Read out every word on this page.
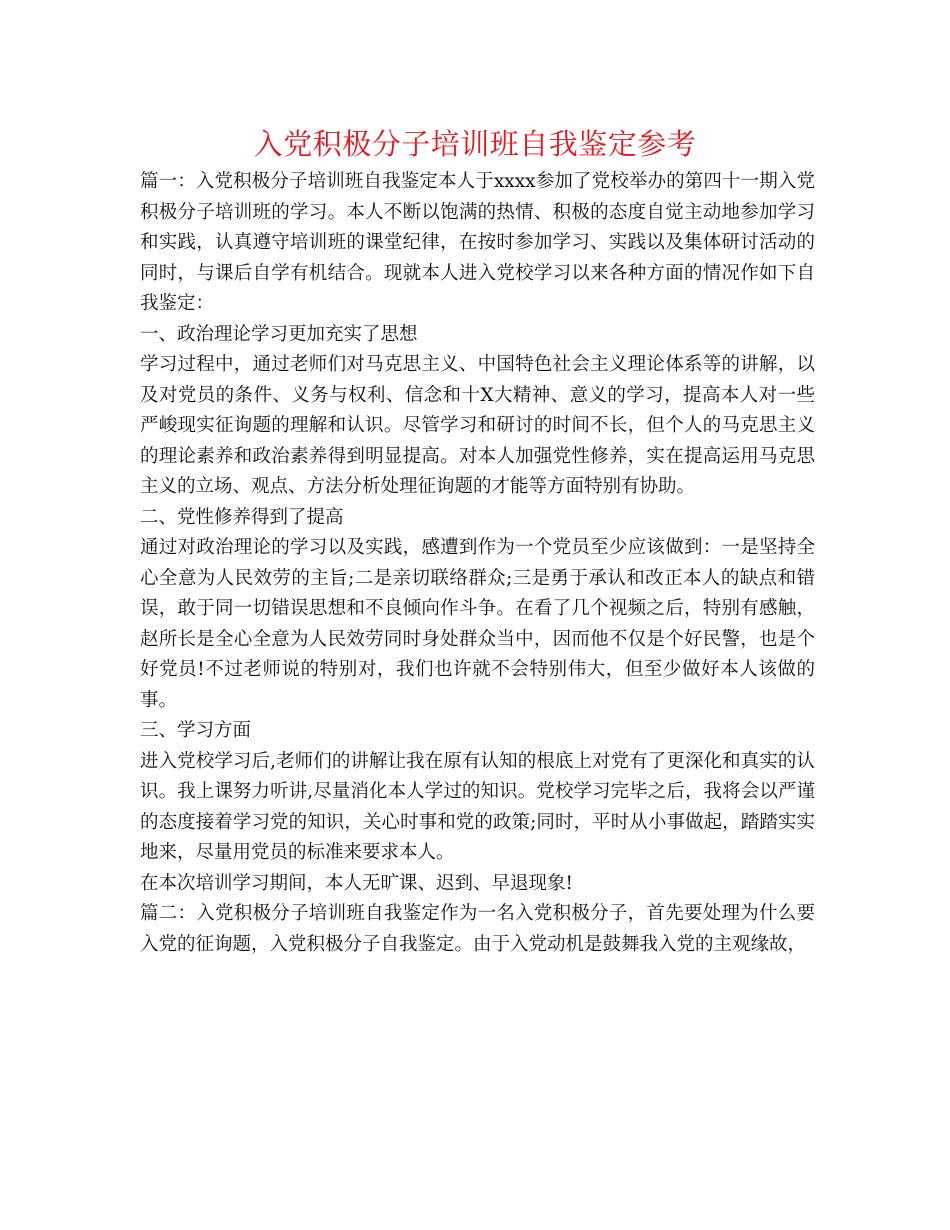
入党积极分子培训班自我鉴定参考

篇一：入党积极分子培训班自我鉴定本人于xxxx参加了党校举办的第四十一期入党积极分子培训班的学习。本人不断以饱满的热情、积极的态度自觉主动地参加学习和实践，认真遵守培训班的课堂纪律，在按时参加学习、实践以及集体研讨活动的同时，与课后自学有机结合。现就本人进入党校学习以来各种方面的情况作如下自我鉴定：

一、政治理论学习更加充实了思想

学习过程中，通过老师们对马克思主义、中国特色社会主义理论体系等的讲解，以及对党员的条件、义务与权利、信念和十X大精神、意义的学习，提高本人对一些严峻现实征询题的理解和认识。尽管学习和研讨的时间不长，但个人的马克思主义的理论素养和政治素养得到明显提高。对本人加强党性修养，实在提高运用马克思主义的立场、观点、方法分析处理征询题的才能等方面特别有协助。

二、党性修养得到了提高

通过对政治理论的学习以及实践，感遭到作为一个党员至少应该做到：一是坚持全心全意为人民效劳的主旨;二是亲切联络群众;三是勇于承认和改正本人的缺点和错误，敢于同一切错误思想和不良倾向作斗争。在看了几个视频之后，特别有感触，赵所长是全心全意为人民效劳同时身处群众当中，因而他不仅是个好民警，也是个好党员!不过老师说的特别对，我们也许就不会特别伟大，但至少做好本人该做的事。

三、学习方面

进入党校学习后,老师们的讲解让我在原有认知的根底上对党有了更深化和真实的认识。我上课努力听讲,尽量消化本人学过的知识。党校学习完毕之后，我将会以严谨的态度接着学习党的知识，关心时事和党的政策;同时，平时从小事做起，踏踏实实地来，尽量用党员的标准来要求本人。

在本次培训学习期间，本人无旷课、迟到、早退现象!

篇二：入党积极分子培训班自我鉴定作为一名入党积极分子，首先要处理为什么要入党的征询题，入党积极分子自我鉴定。由于入党动机是鼓舞我入党的主观缘故，
